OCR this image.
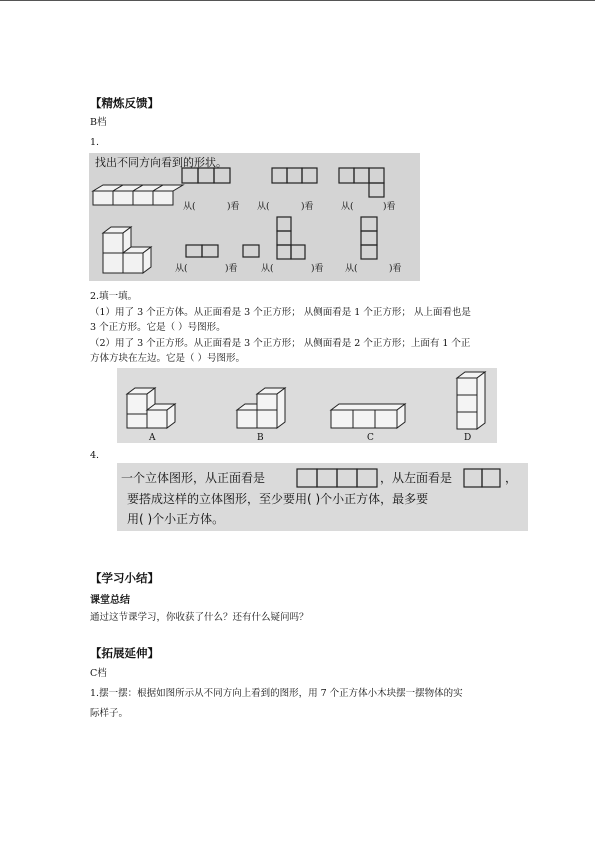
【精炼反馈】
B档
1.
找出不同方向看到的形状。
从(	)看 从(	)看	从(	)看
从(	)看	从(	)看 从(	)看
2.填一填。
（1）用了 3 个正方体。从正面看是 3 个正方形； 从侧面看是 1 个正方形； 从上面看也是
3 个正方形。它是（ ）号图形。
（2）用了 3 个正方形。从正面看是 3 个正方形； 从侧面看是 2 个正方形；上面有 1 个正
方体方块在左边。它是（ ）号图形。
A	B	C	D
4.
一个立体图形，从正面看是	，从左面看是	，
要搭成这样的立体图形，至少要用( )个小正方体，最多要
用( )个小正方体。
【学习小结】
课堂总结
通过这节课学习，你收获了什么？还有什么疑问吗？
【拓展延伸】
C档
1.摆一摆：根据如图所示从不同方向上看到的图形，用 7 个正方体小木块摆一摆物体的实
际样子。
